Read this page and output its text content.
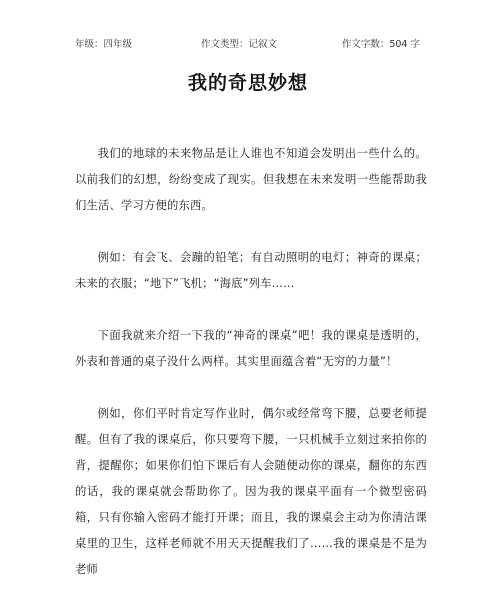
年级：四年级	作文类型：记叙文	作文字数：504 字
我的奇思妙想

我们的地球的未来物品是让人谁也不知道会发明出一些什么的。以前我们的幻想，纷纷变成了现实。但我想在未来发明一些能帮助我们生活、学习方便的东西。

例如：有会飞、会蹦的铅笔；有自动照明的电灯；神奇的课桌；未来的衣服；“地下”飞机；“海底”列车……

下面我就来介绍一下我的“神奇的课桌”吧！我的课桌是透明的，外表和普通的桌子没什么两样。其实里面蕴含着“无穷的力量”！

例如，你们平时肯定写作业时，偶尔或经常弯下腰，总要老师提醒。但有了我的课桌后，你只要弯下腰，一只机械手立刻过来拍你的背，提醒你；如果你们怕下课后有人会随便动你的课桌，翻你的东西的话，我的课桌就会帮助你了。因为我的课桌平面有一个微型密码箱，只有你输入密码才能打开课；而且，我的课桌会主动为你清洁课桌里的卫生，这样老师就不用天天提醒我们了……我的课桌是不是为老师
